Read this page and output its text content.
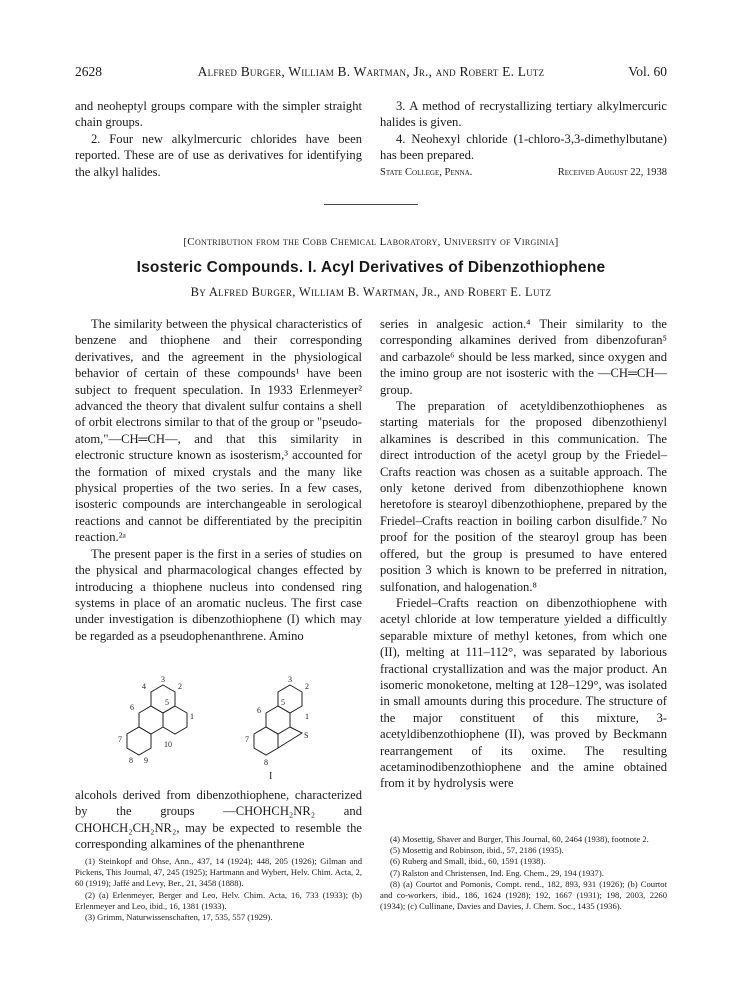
2628	Alfred Burger, William B. Wartman, Jr., and Robert E. Lutz	Vol. 60

and neoheptyl groups compare with the simpler straight chain groups.

2. Four new alkylmercuric chlorides have been reported. These are of use as derivatives for identifying the alkyl halides.

3. A method of recrystallizing tertiary alkylmercuric halides is given.

4. Neohexyl chloride (1-chloro-3,3-dimethylbutane) has been prepared.

State College, Penna.	Received August 22, 1938
[Contribution from the Cobb Chemical Laboratory, University of Virginia]
Isosteric Compounds. I. Acyl Derivatives of Dibenzothiophene
By Alfred Burger, William B. Wartman, Jr., and Robert E. Lutz

The similarity between the physical characteristics of benzene and thiophene and their corresponding derivatives, and the agreement in the physiological behavior of certain of these compounds¹ have been subject to frequent speculation. In 1933 Erlenmeyer² advanced the theory that divalent sulfur contains a shell of orbit electrons similar to that of the group or "pseudo-atom,"—CH═CH—, and that this similarity in electronic structure known as isosterism,³ accounted for the formation of mixed crystals and the many like physical properties of the two series. In a few cases, isosteric compounds are interchangeable in serological reactions and cannot be differentiated by the precipitin reaction.²ᵃ

The present paper is the first in a series of studies on the physical and pharmacological changes effected by introducing a thiophene nucleus into condensed ring systems in place of an aromatic nucleus. The first case under investigation is dibenzothiophene (I) which may be regarded as a pseudophenanthrene. Amino

3
4	2
5
1
6
7
10
8 9
3
2
5
1
6
S
7
8
I

alcohols derived from dibenzothiophene, characterized by the groups —CHOHCH₂NR₂ and CHOHCH₂CH₂NR₂, may be expected to resemble the corresponding alkamines of the phenanthrene

series in analgesic action.⁴ Their similarity to the corresponding alkamines derived from dibenzofuran⁵ and carbazole⁶ should be less marked, since oxygen and the imino group are not isosteric with the —CH═CH— group.

The preparation of acetyldibenzothiophenes as starting materials for the proposed dibenzothienyl alkamines is described in this communication. The direct introduction of the acetyl group by the Friedel–Crafts reaction was chosen as a suitable approach. The only ketone derived from dibenzothiophene known heretofore is stearoyl dibenzothiophene, prepared by the Friedel–Crafts reaction in boiling carbon disulfide.⁷ No proof for the position of the stearoyl group has been offered, but the group is presumed to have entered position 3 which is known to be preferred in nitration, sulfonation, and halogenation.⁸

Friedel–Crafts reaction on dibenzothiophene with acetyl chloride at low temperature yielded a difficultly separable mixture of methyl ketones, from which one (II), melting at 111–112°, was separated by laborious fractional crystallization and was the major product. An isomeric monoketone, melting at 128–129°, was isolated in small amounts during this procedure. The structure of the major constituent of this mixture, 3-acetyldibenzothiophene (II), was proved by Beckmann rearrangement of its oxime. The resulting acetaminodibenzothiophene and the amine obtained from it by hydrolysis were

(1) Steinkopf and Ohse, Ann., 437, 14 (1924); 448, 205 (1926); Gilman and Pickens, This Journal, 47, 245 (1925); Hartmann and Wybert, Helv. Chim. Acta, 2, 60 (1919); Jaffé and Levy, Ber., 21, 3458 (1888).

(2) (a) Erlenmeyer, Berger and Leo, Helv. Chim. Acta, 16, 733 (1933); (b) Erlenmeyer and Leo, ibid., 16, 1381 (1933).

(3) Grimm, Naturwissenschaften, 17, 535, 557 (1929).

(4) Mosettig, Shaver and Burger, This Journal, 60, 2464 (1938), footnote 2.

(5) Mosettig and Robinson, ibid., 57, 2186 (1935).

(6) Ruberg and Small, ibid., 60, 1591 (1938).

(7) Ralston and Christensen, Ind. Eng. Chem., 29, 194 (1937).

(8) (a) Courtot and Pomonis, Compt. rend., 182, 893, 931 (1926); (b) Courtot and co-workers, ibid., 186, 1624 (1928); 192, 1667 (1931); 198, 2003, 2260 (1934); (c) Cullinane, Davies and Davies, J. Chem. Soc., 1435 (1936).
